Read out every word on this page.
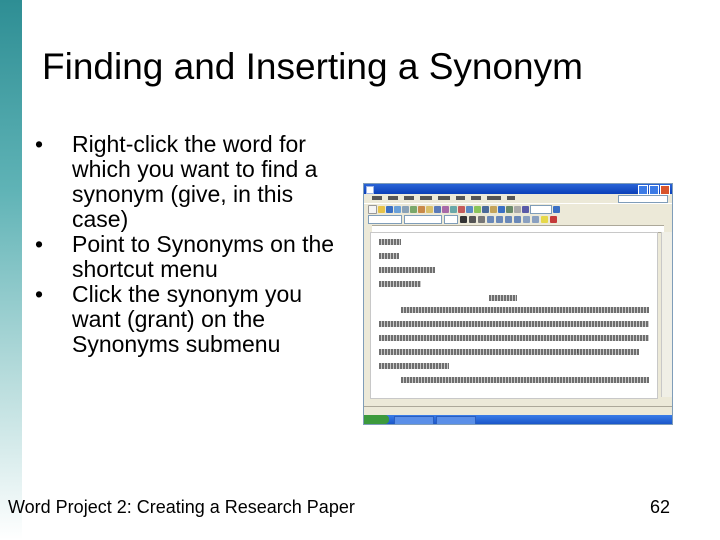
Finding and Inserting a Synonym
• Right-click the word for which you want to find a synonym (give, in this case)
• Point to Synonyms on the shortcut menu
• Click the synonym you want (grant) on the Synonyms submenu	I
Word Project 2: Creating a Research Paper	62
